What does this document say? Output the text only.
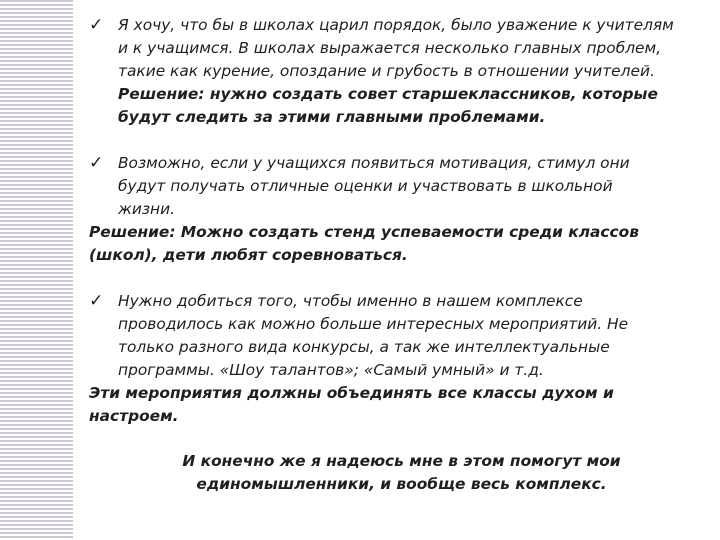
✓ Я хочу, что бы в школах царил порядок, было уважение к учителям
и к учащимся. В школах выражается несколько главных проблем,
такие как курение, опоздание и грубость в отношении учителей.
Решение: нужно создать совет старшеклассников, которые
будут следить за этими главными проблемами.
✓ Возможно, если у учащихся появиться мотивация, стимул они
будут получать отличные оценки и участвовать в школьной
жизни.
Решение: Можно создать стенд успеваемости среди классов
(школ), дети любят соревноваться.
✓ Нужно добиться того, чтобы именно в нашем комплексе
проводилось как можно больше интересных мероприятий. Не
только разного вида конкурсы, а так же интеллектуальные
программы. «Шоу талантов»; «Самый умный» и т.д.
Эти мероприятия должны объединять все классы духом и
настроем.
И конечно же я надеюсь мне в этом помогут мои
единомышленники, и вообще весь комплекс.
